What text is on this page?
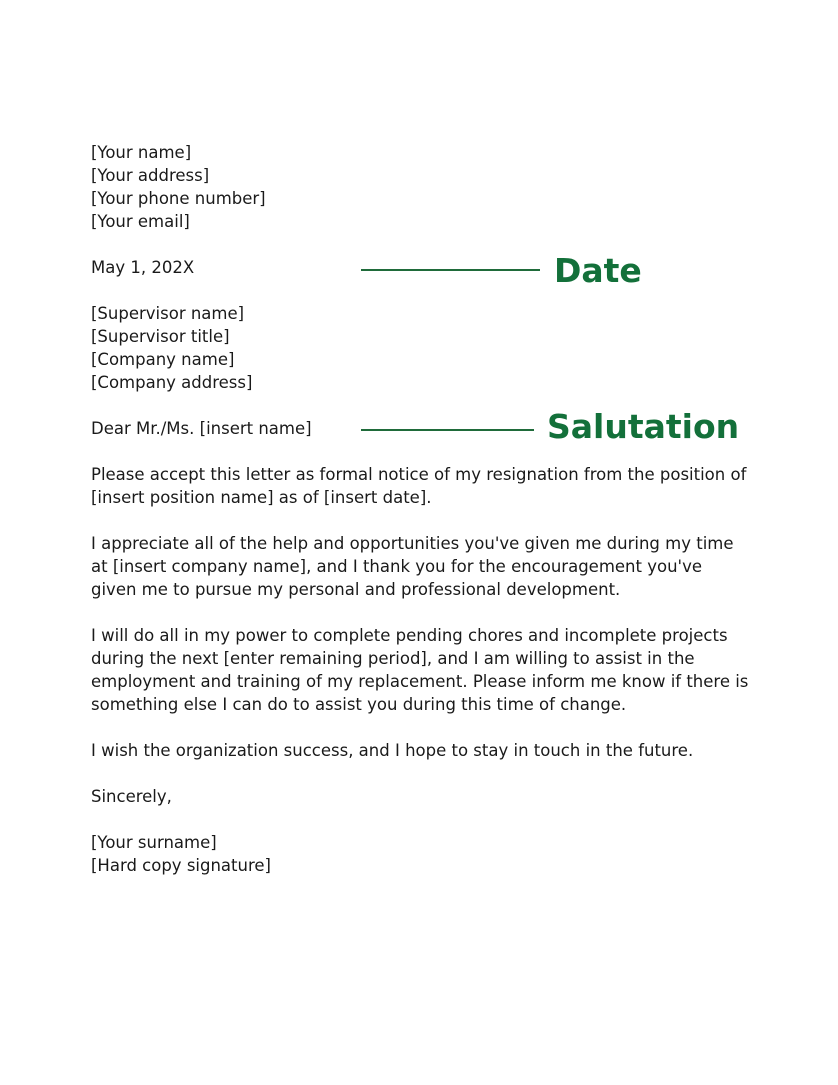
[Your name]
[Your address]
[Your phone number]
[Your email]
May 1, 202X	Date
[Supervisor name]
[Supervisor title]
[Company name]
[Company address]
Dear Mr./Ms. [insert name]	Salutation
Please accept this letter as formal notice of my resignation from the position of [insert position name] as of [insert date].
I appreciate all of the help and opportunities you've given me during my time at [insert company name], and I thank you for the encouragement you've given me to pursue my personal and professional development.
I will do all in my power to complete pending chores and incomplete projects during the next [enter remaining period], and I am willing to assist in the employment and training of my replacement. Please inform me know if there is something else I can do to assist you during this time of change.
I wish the organization success, and I hope to stay in touch in the future.
Sincerely,
[Your surname]
[Hard copy signature]
